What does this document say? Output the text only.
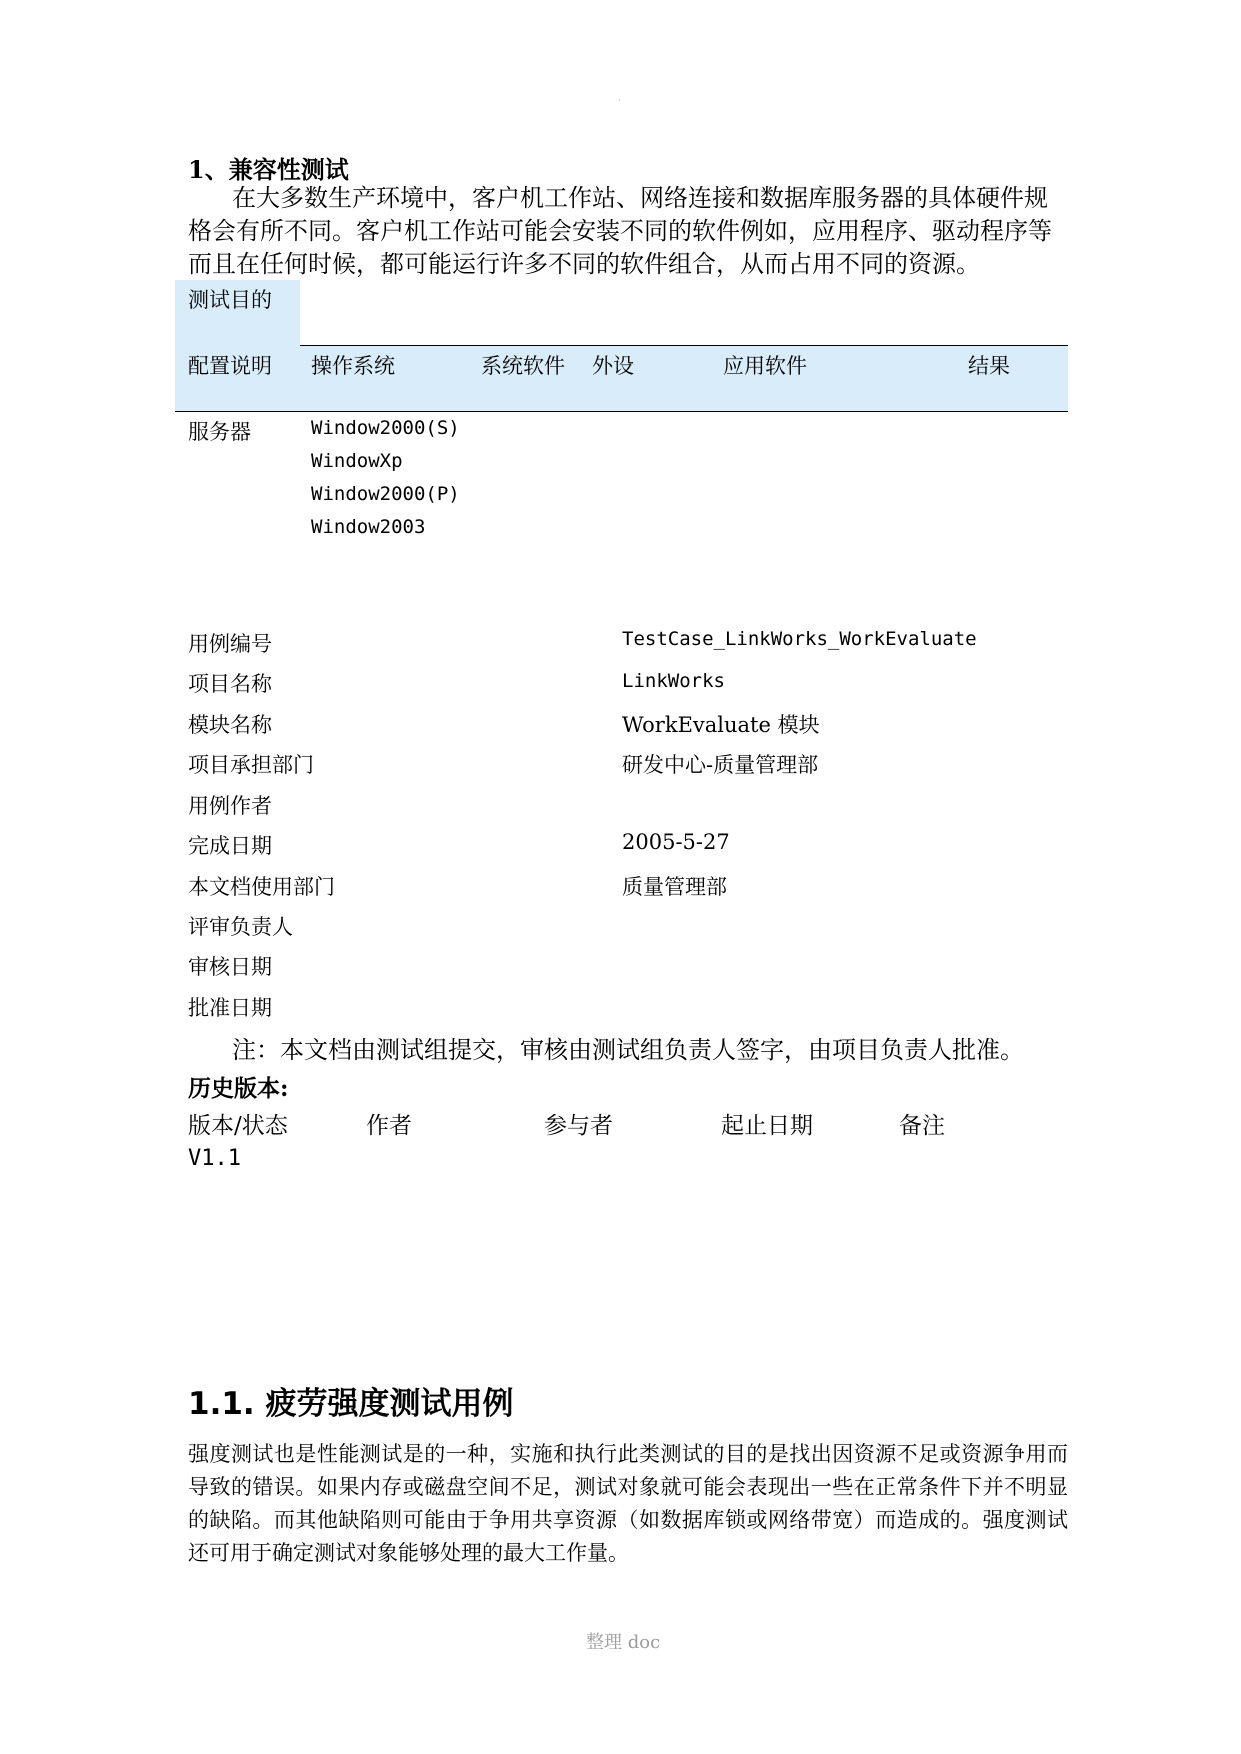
·
1、兼容性测试
在大多数生产环境中，客户机工作站、网络连接和数据库服务器的具体硬件规格会有所不同。客户机工作站可能会安装不同的软件例如，应用程序、驱动程序等而且在任何时候，都可能运行许多不同的软件组合，从而占用不同的资源。
测试目的
配置说明 操作系统	系统软件 外设	应用软件	结果
服务器	Window2000(S)
WindowXp
Window2000(P)
Window2003
用例编号	TestCase_LinkWorks_WorkEvaluate
项目名称	LinkWorks
模块名称	WorkEvaluate 模块
项目承担部门	研发中心-质量管理部
用例作者
完成日期	2005-5-27
本文档使用部门	质量管理部
评审负责人
审核日期
批准日期
注：本文档由测试组提交，审核由测试组负责人签字，由项目负责人批准。
历史版本:
版本/状态	作者	参与者	起止日期	备注
V1.1
1.1. 疲劳强度测试用例
强度测试也是性能测试是的一种，实施和执行此类测试的目的是找出因资源不足或资源争用而导致的错误。如果内存或磁盘空间不足，测试对象就可能会表现出一些在正常条件下并不明显的缺陷。而其他缺陷则可能由于争用共享资源（如数据库锁或网络带宽）而造成的。强度测试还可用于确定测试对象能够处理的最大工作量。
整理 doc
